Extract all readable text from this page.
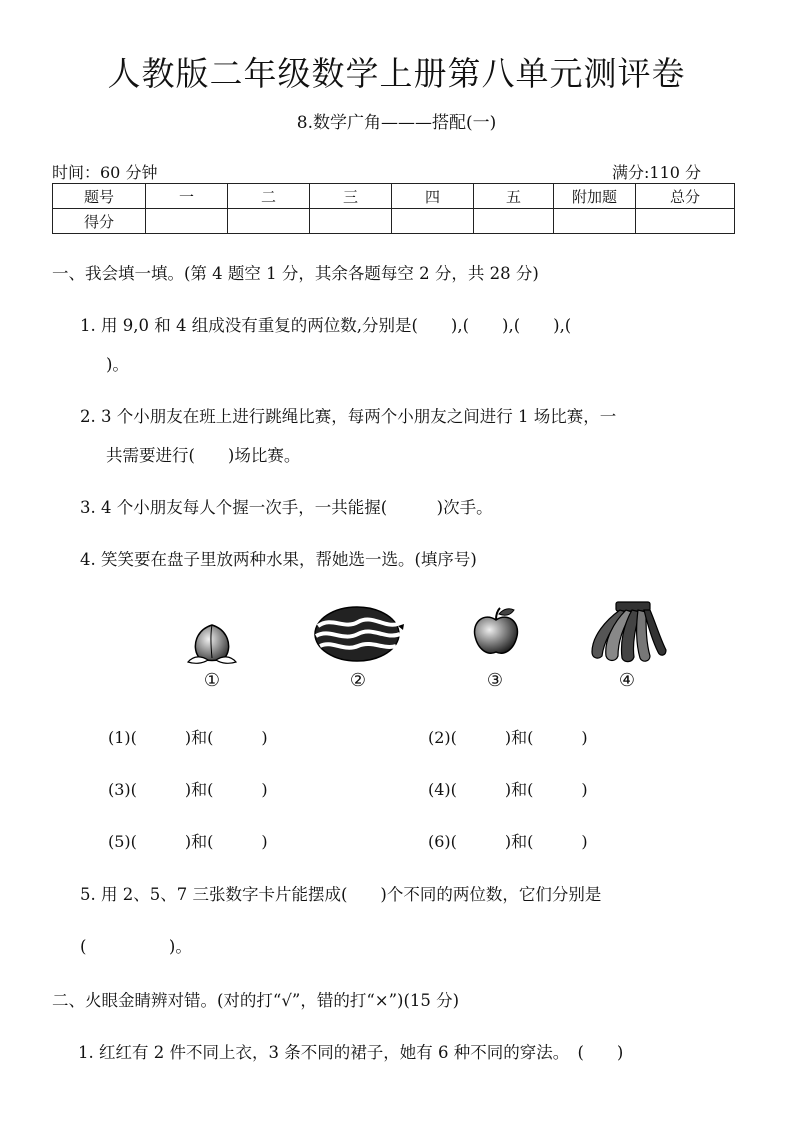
人教版二年级数学上册第八单元测评卷
8.数学广角———搭配(一)
时间：60 分钟	满分:110 分
题号	一	二	三	四	五	附加题	总分
得分							
一、我会填一填。(第 4 题空 1 分，其余各题每空 2 分，共 28 分)
1. 用 9,0 和 4 组成没有重复的两位数,分别是(　　),(　　),(　　),(
)。
2. 3 个小朋友在班上进行跳绳比赛，每两个小朋友之间进行 1 场比赛，一
共需要进行(　　)场比赛。
3. 4 个小朋友每人个握一次手，一共能握(　　　)次手。
4. 笑笑要在盘子里放两种水果，帮她选一选。(填序号)
①	②	③	④
(1)(　　　)和(　　　)	(2)(　　　)和(　　　)
(3)(　　　)和(　　　)	(4)(　　　)和(　　　)
(5)(　　　)和(　　　)	(6)(　　　)和(　　　)
5. 用 2、5、7 三张数字卡片能摆成(　　)个不同的两位数，它们分别是
(　　　　　)。
二、火眼金睛辨对错。(对的打“√”，错的打“×”)(15 分)
1. 红红有 2 件不同上衣，3 条不同的裙子，她有 6 种不同的穿法。　(　　)
